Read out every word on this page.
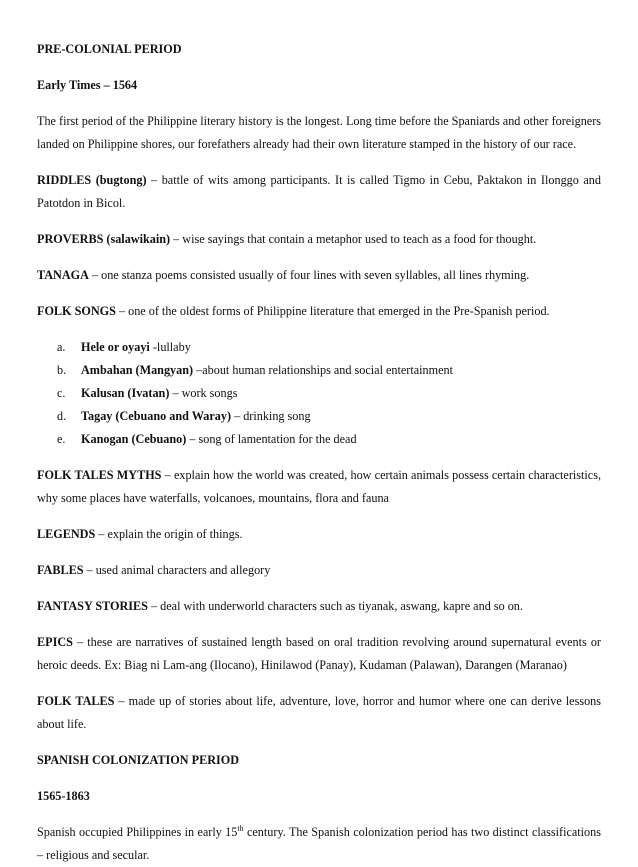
PRE-COLONIAL PERIOD

Early Times – 1564

The first period of the Philippine literary history is the longest. Long time before the Spaniards and other foreigners landed on Philippine shores, our forefathers already had their own literature stamped in the history of our race.

RIDDLES (bugtong) – battle of wits among participants. It is called Tigmo in Cebu, Paktakon in Ilonggo and Patotdon in Bicol.

PROVERBS (salawikain) – wise sayings that contain a metaphor used to teach as a food for thought.

TANAGA – one stanza poems consisted usually of four lines with seven syllables, all lines rhyming.

FOLK SONGS – one of the oldest forms of Philippine literature that emerged in the Pre-Spanish period.

a.	Hele or oyayi -lullaby
b.	Ambahan (Mangyan) –about human relationships and social entertainment
c.	Kalusan (Ivatan) – work songs
d.	Tagay (Cebuano and Waray) – drinking song
e.	Kanogan (Cebuano) – song of lamentation for the dead

FOLK TALES MYTHS – explain how the world was created, how certain animals possess certain characteristics, why some places have waterfalls, volcanoes, mountains, flora and fauna

LEGENDS – explain the origin of things.

FABLES – used animal characters and allegory

FANTASY STORIES – deal with underworld characters such as tiyanak, aswang, kapre and so on.

EPICS – these are narratives of sustained length based on oral tradition revolving around supernatural events or heroic deeds. Ex: Biag ni Lam-ang (Ilocano), Hinilawod (Panay), Kudaman (Palawan), Darangen (Maranao)

FOLK TALES – made up of stories about life, adventure, love, horror and humor where one can derive lessons about life.

SPANISH COLONIZATION PERIOD

1565-1863

Spanish occupied Philippines in early 15th century. The Spanish colonization period has two distinct classifications – religious and secular.
